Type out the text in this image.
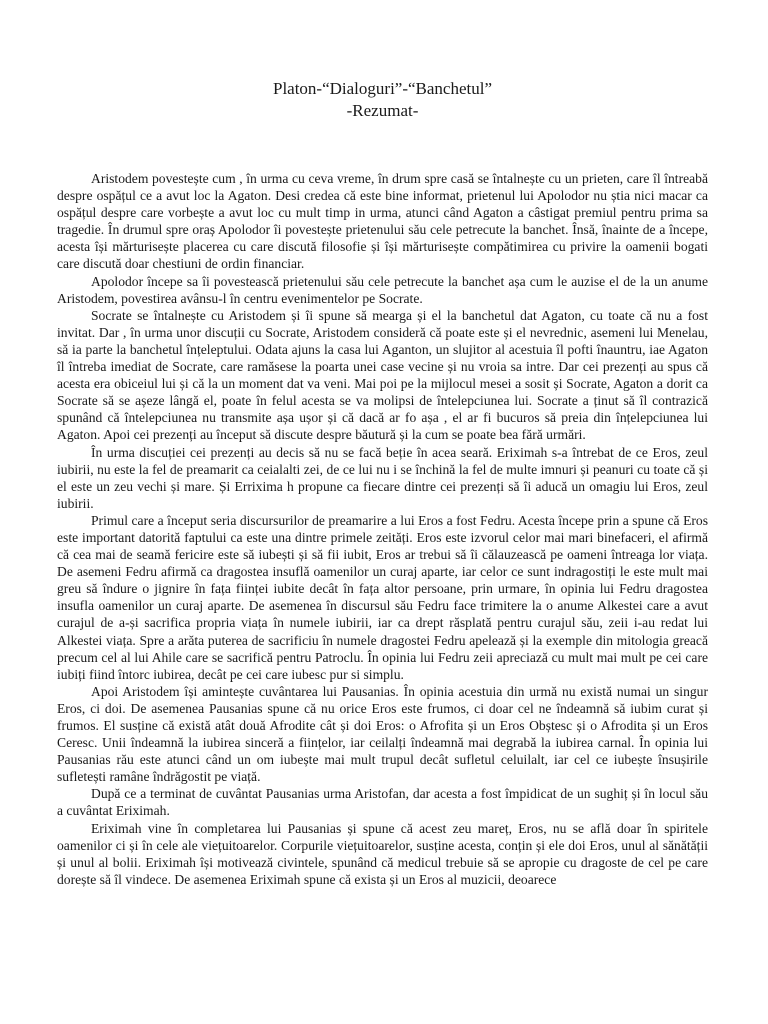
Platon-“Dialoguri”-“Banchetul”
-Rezumat-

Aristodem povestește cum , în urma cu ceva vreme, în drum spre casă se întalnește cu un prieten, care îl întreabă despre ospățul ce a avut loc la Agaton. Desi credea că este bine informat, prietenul lui Apolodor nu știa nici macar ca ospățul despre care vorbește a avut loc cu mult timp in urma, atunci când Agaton a câstigat premiul pentru prima sa tragedie. În drumul spre oraș Apolodor îi povestește prietenului său cele petrecute la banchet. Însă, înainte de a începe, acesta își mărturisește placerea cu care discută filosofie și își mărturisește compătimirea cu privire la oamenii bogati care discută doar chestiuni de ordin financiar.

Apolodor începe sa îi povestească prietenului său cele petrecute la banchet așa cum le auzise el de la un anume Aristodem, povestirea avânsu-l în centru evenimentelor pe Socrate.

Socrate se întalnește cu Aristodem și îi spune să mearga și el la banchetul dat Agaton, cu toate că nu a fost invitat. Dar , în urma unor discuții cu Socrate, Aristodem consideră că poate este și el nevrednic, asemeni lui Menelau, să ia parte la banchetul înțeleptului. Odata ajuns la casa lui Aganton, un slujitor al acestuia îl pofti înauntru, iae Agaton îl întreba imediat de Socrate, care ramăsese la poarta unei case vecine și nu vroia sa intre. Dar cei prezenți au spus că acesta era obiceiul lui și că la un moment dat va veni. Mai poi pe la mijlocul mesei a sosit și Socrate, Agaton a dorit ca Socrate să se așeze lângă el, poate în felul acesta se va molipsi de întelepciunea lui. Socrate a ținut să îl contrazică spunând că întelepciunea nu transmite așa ușor și că dacă ar fo așa , el ar fi bucuros să preia din înțelepciunea lui Agaton. Apoi cei prezenți au început să discute despre băutură și la cum se poate bea fără urmări.

În urma discuției cei prezenți au decis să nu se facă beție în acea seară. Eriximah s-a întrebat de ce Eros, zeul iubirii, nu este la fel de preamarit ca ceialalti zei, de ce lui nu i se închină la fel de multe imnuri și peanuri cu toate că și el este un zeu vechi și mare. Și Errixima h propune ca fiecare dintre cei prezenți să îi aducă un omagiu lui Eros, zeul iubirii.

Primul care a început seria discursurilor de preamarire a lui Eros a fost Fedru. Acesta începe prin a spune că Eros este important datorită faptului ca este una dintre primele zeități. Eros este izvorul celor mai mari binefaceri, el afirmă că cea mai de seamă fericire este să iubești și să fii iubit, Eros ar trebui să îi călauzească pe oameni întreaga lor viața. De asemeni Fedru afirmă ca dragostea insuflă oamenilor un curaj aparte, iar celor ce sunt indragostiți le este mult mai greu să îndure o jignire în fața ființei iubite decât în fața altor persoane, prin urmare, în opinia lui Fedru dragostea insufla oamenilor un curaj aparte. De asemenea în discursul său Fedru face trimitere la o anume Alkestei care a avut curajul de a-și sacrifica propria viața în numele iubirii, iar ca drept răsplată pentru curajul său, zeii i-au redat lui Alkestei viața. Spre a arăta puterea de sacrificiu în numele dragostei Fedru apelează și la exemple din mitologia greacă precum cel al lui Ahile care se sacrifică pentru Patroclu. În opinia lui Fedru zeii apreciază cu mult mai mult pe cei care iubiți fiind întorc iubirea, decât pe cei care iubesc pur si simplu.

Apoi Aristodem își amintește cuvântarea lui Pausanias. În opinia acestuia din urmă nu există numai un singur Eros, ci doi. De asemenea Pausanias spune că nu orice Eros este frumos, ci doar cel ne îndeamnă să iubim curat și frumos. El susține că există atât două Afrodite cât și doi Eros: o Afrofita și un Eros Obștesc și o Afrodita și un Eros Ceresc. Unii îndeamnă la iubirea sinceră a ființelor, iar ceilalți îndeamnă mai degrabă la iubirea carnal. În opinia lui Pausanias rău este atunci când un om iubește mai mult trupul decât sufletul celuilalt, iar cel ce iubește însușirile sufletești ramâne îndrăgostit pe viață.

După ce a terminat de cuvântat Pausanias urma Aristofan, dar acesta a fost împidicat de un sughiț și în locul său a cuvântat Eriximah.

Eriximah vine în completarea lui Pausanias și spune că acest zeu mareț, Eros, nu se află doar în spiritele oamenilor ci și în cele ale viețuitoarelor. Corpurile viețuitoarelor, susține acesta, conțin și ele doi Eros, unul al sănătății și unul al bolii. Eriximah își motivează civintele, spunând că medicul trebuie să se apropie cu dragoste de cel pe care dorește să îl vindece. De asemenea Eriximah spune că exista și un Eros al muzicii, deoarece
